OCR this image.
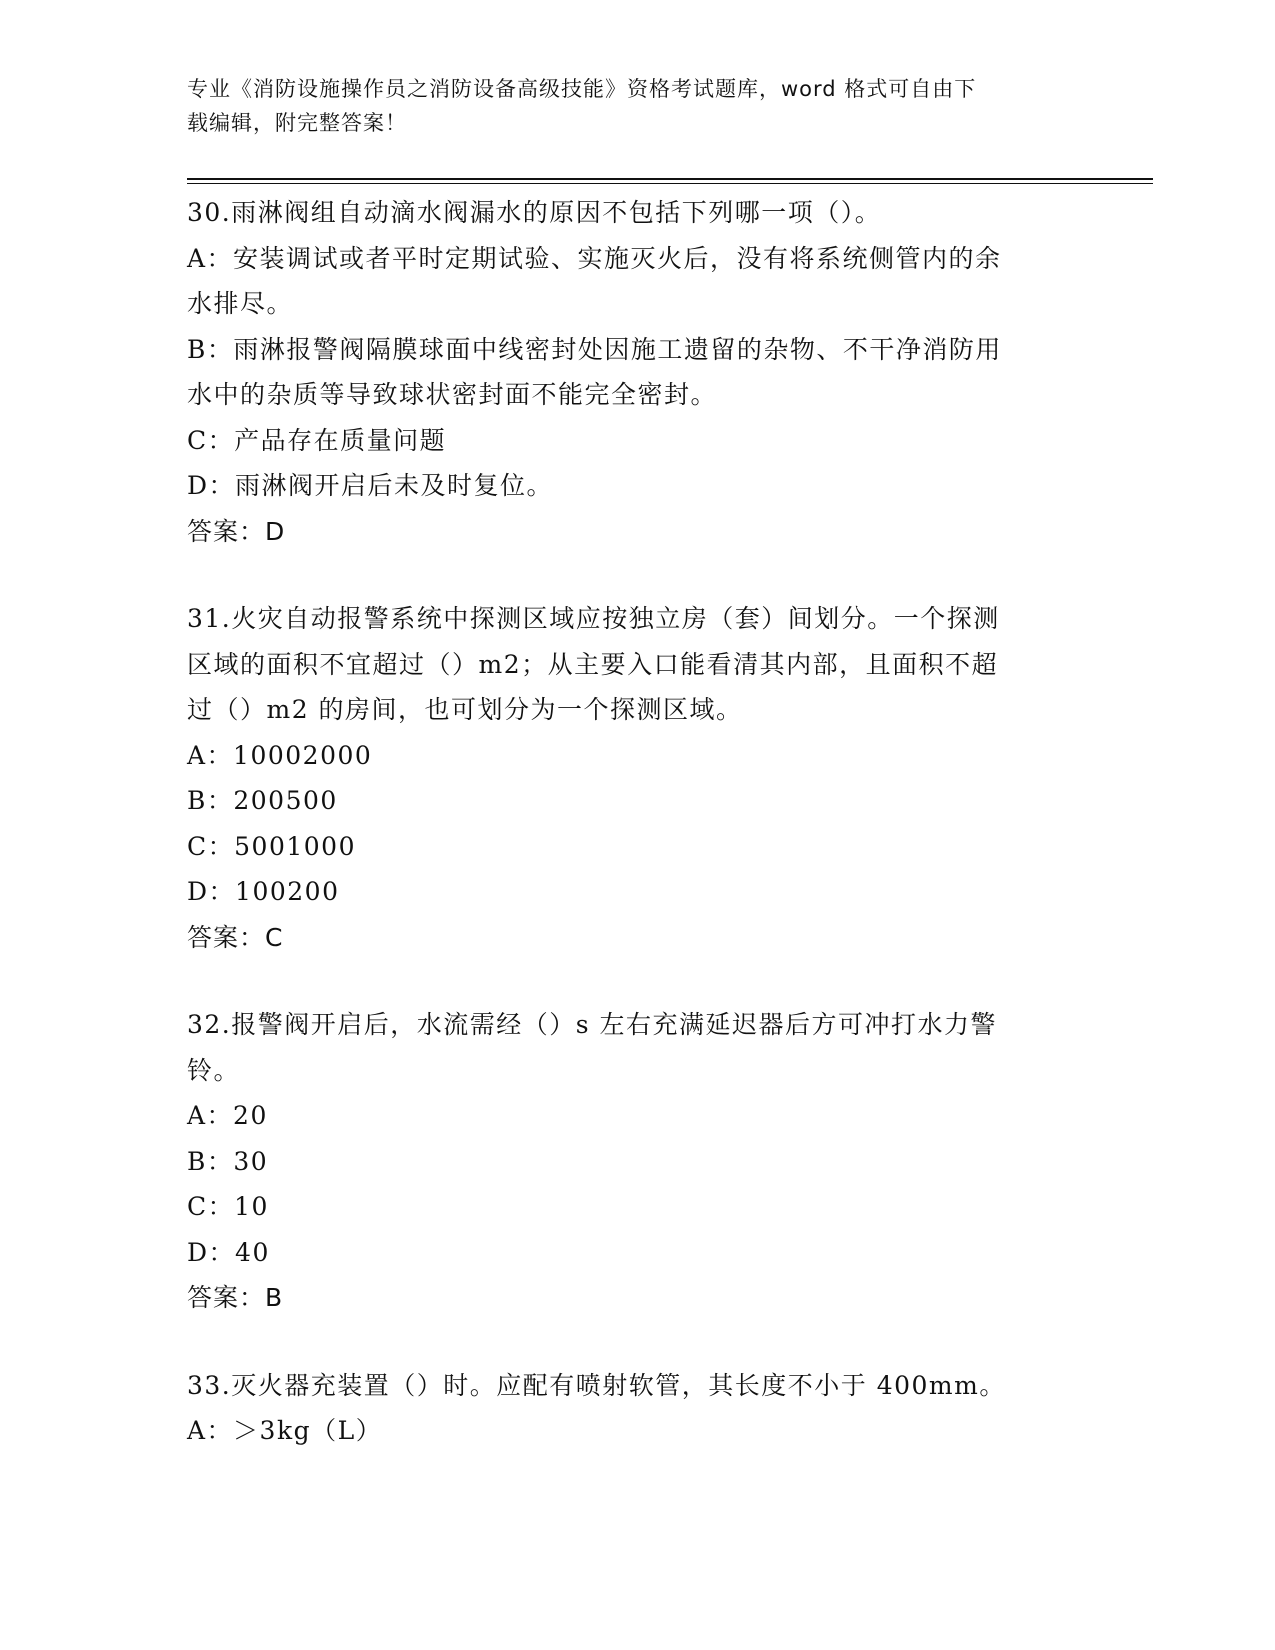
专业《消防设施操作员之消防设备高级技能》资格考试题库，word 格式可自由下
载编辑，附完整答案！

30.雨淋阀组自动滴水阀漏水的原因不包括下列哪一项（）。

A：安装调试或者平时定期试验、实施灭火后，没有将系统侧管内的余

水排尽。

B：雨淋报警阀隔膜球面中线密封处因施工遗留的杂物、不干净消防用

水中的杂质等导致球状密封面不能完全密封。

C：产品存在质量问题

D：雨淋阀开启后未及时复位。

答案：D

31.火灾自动报警系统中探测区域应按独立房（套）间划分。一个探测

区域的面积不宜超过（）m2；从主要入口能看清其内部，且面积不超

过（）m2 的房间，也可划分为一个探测区域。

A：10002000

B：200500

C：5001000

D：100200

答案：C

32.报警阀开启后，水流需经（）s 左右充满延迟器后方可冲打水力警

铃。

A：20

B：30

C：10

D：40

答案：B

33.灭火器充装置（）时。应配有喷射软管，其长度不小于 400mm。

A：＞3kg（L）
